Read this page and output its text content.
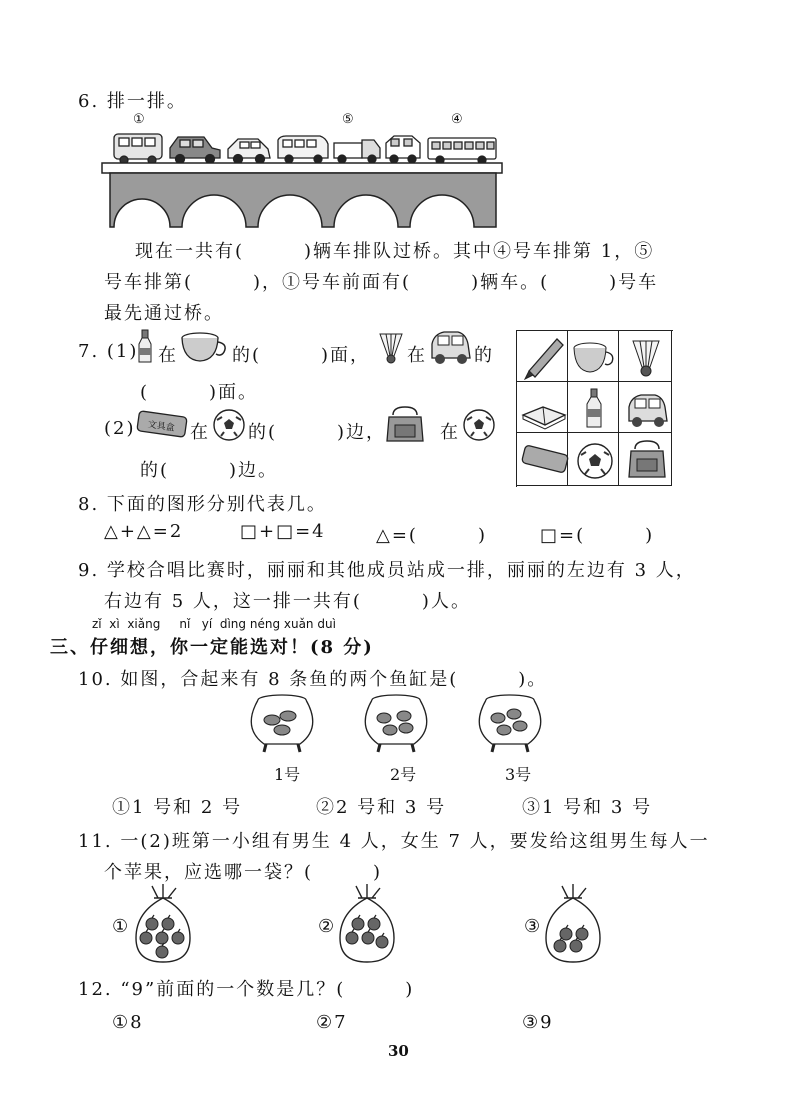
6. 排一排。
①	⑤	④
现在一共有(　　　)辆车排队过桥。其中④号车排第 1，⑤
号车排第(　　　)，①号车前面有(　　　)辆车。(　　　)号车
最先通过桥。
7. (1) 在	的(　　　)面， 在	的
(　　　)面。
(2) 文具盒 在 的(　　　)边，	在
的(　　　)边。
8. 下面的图形分别代表几。
△+△=2	□+□=4	△=(　　　)	□=(　　　)
9. 学校合唱比赛时，丽丽和其他成员站成一排，丽丽的左边有 3 人，
右边有 5 人，这一排一共有(　　　)人。
zǐ  xì  xiǎng     nǐ   yí  dìng néng xuǎn duì
三、仔细想，你一定能选对！(8 分)
10. 如图，合起来有 8 条鱼的两个鱼缸是(　　　)。
1号	2号	3号
①1 号和 2 号	②2 号和 3 号	③1 号和 3 号
11. 一(2)班第一小组有男生 4 人，女生 7 人，要发给这组男生每人一
个苹果，应选哪一袋？(　　　)
①	②	③
12. “9”前面的一个数是几？(　　　)
①8	②7	③9
30
